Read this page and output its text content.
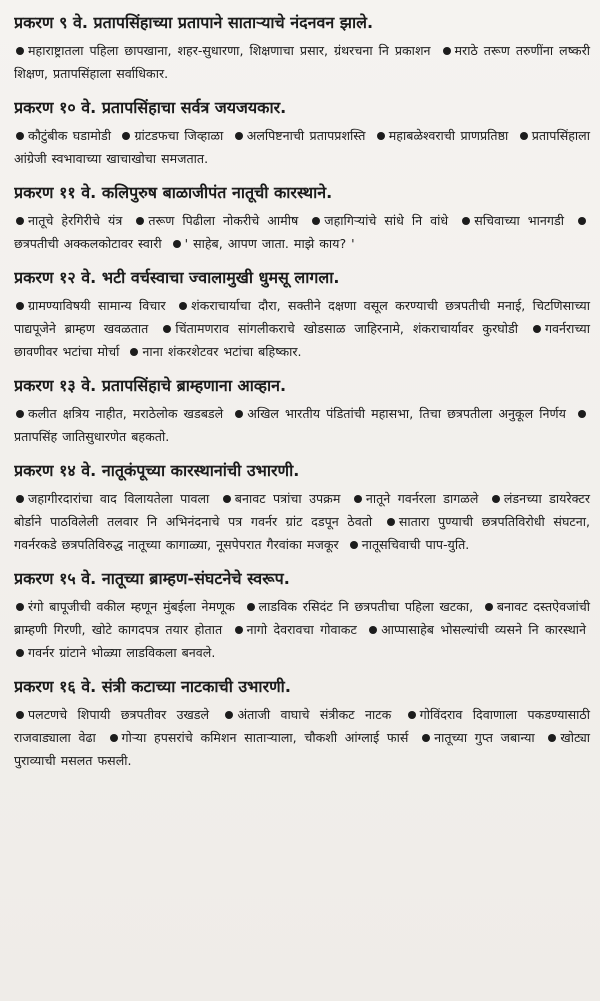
प्रकरण ९ वे. प्रतापसिंहाच्या प्रतापाने साताऱ्याचे नंदनवन झाले.
महाराष्ट्रातला पहिला छापखाना, शहर-सुधारणा, शिक्षणाचा प्रसार, ग्रंथरचना नि प्रकाशन मराठे तरूण तरुणींना लष्करी शिक्षण, प्रतापसिंहाला सर्वाधिकार.
प्रकरण १० वे. प्रतापसिंहाचा सर्वत्र जयजयकार.
कौटुंबीक घडामोडी ग्रांटडफचा जिव्हाळा अलपिष्टनाची प्रतापप्रशस्ति महाबळेश्वराची प्राणप्रतिष्ठा प्रतापसिंहाला आंग्रेजी स्वभावाच्या खाचाखोचा समजतात.
प्रकरण ११ वे. कलिपुरुष बाळाजीपंत नातूची कारस्थाने.
नातूचे हेरगिरीचे यंत्र तरूण पिढीला नोकरीचे आमीष जहागिऱ्यांचे सांधे नि वांधे सचिवाच्या भानगडी छत्रपतीची अक्कलकोटावर स्वारी ' साहेब, आपण जाता. माझे काय? '
प्रकरण १२ वे. भटी वर्चस्वाचा ज्वालामुखी धुमसू लागला.
ग्रामण्याविषयी सामान्य विचार शंकराचार्याचा दौरा, सक्तीने दक्षणा वसूल करण्याची छत्रपतीची मनाई, चिटणिसाच्या पाद्यपूजेने ब्राम्हण खवळतात चिंतामणराव सांगलीकराचे खोडसाळ जाहिरनामे, शंकराचार्यावर कुरघोडी गवर्नराच्या छावणीवर भटांचा मोर्चा नाना शंकरशेटवर भटांचा बहिष्कार.
प्रकरण १३ वे. प्रतापसिंहाचे ब्राम्हणाना आव्हान.
कलीत क्षत्रिय नाहीत, मराठेलोक खडबडले अखिल भारतीय पंडितांची महासभा, तिचा छत्रपतीला अनुकूल निर्णय प्रतापसिंह जातिसुधारणेत बहकतो.
प्रकरण १४ वे. नातूकंपूच्या कारस्थानांची उभारणी.
जहागीरदारांचा वाद विलायतेला पावला बनावट पत्रांचा उपक्रम नातूने गवर्नरला डागळले लंडनच्या डायरेक्टर बोर्डाने पाठविलेली तलवार नि अभिनंदनाचे पत्र गवर्नर ग्रांट दडपून ठेवतो सातारा पुण्याची छत्रपतिविरोधी संघटना, गवर्नरकडे छत्रपतिविरुद्ध नातूच्या कागाळ्या, नूसपेपरात गैरवांका मजकूर नातूसचिवाची पाप-युति.
प्रकरण १५ वे. नातूच्या ब्राम्हण-संघटनेचे स्वरूप.
रंगो बापूजीची वकील म्हणून मुंबईला नेमणूक लाडविक रसिदंट नि छत्रपतीचा पहिला खटका, बनावट दस्तऐवजांची ब्राम्हणी गिरणी, खोटे कागदपत्र तयार होतात नागो देवरावचा गोवाकट आप्पासाहेब भोसल्यांची व्यसने नि कारस्थाने गवर्नर ग्रांटाने भोळ्या लाडविकला बनवले.
प्रकरण १६ वे. संत्री कटाच्या नाटकाची उभारणी.
पलटणचे शिपायी छत्रपतीवर उखडले अंताजी वाघाचे संत्रीकट नाटक गोविंदराव दिवाणाला पकडण्यासाठी राजवाड्याला वेढा गोऱ्या हपसरांचे कमिशन साताऱ्याला, चौकशी आंग्लाई फार्स नातूच्या गुप्त जबान्या खोट्या पुराव्याची मसलत फसली.
